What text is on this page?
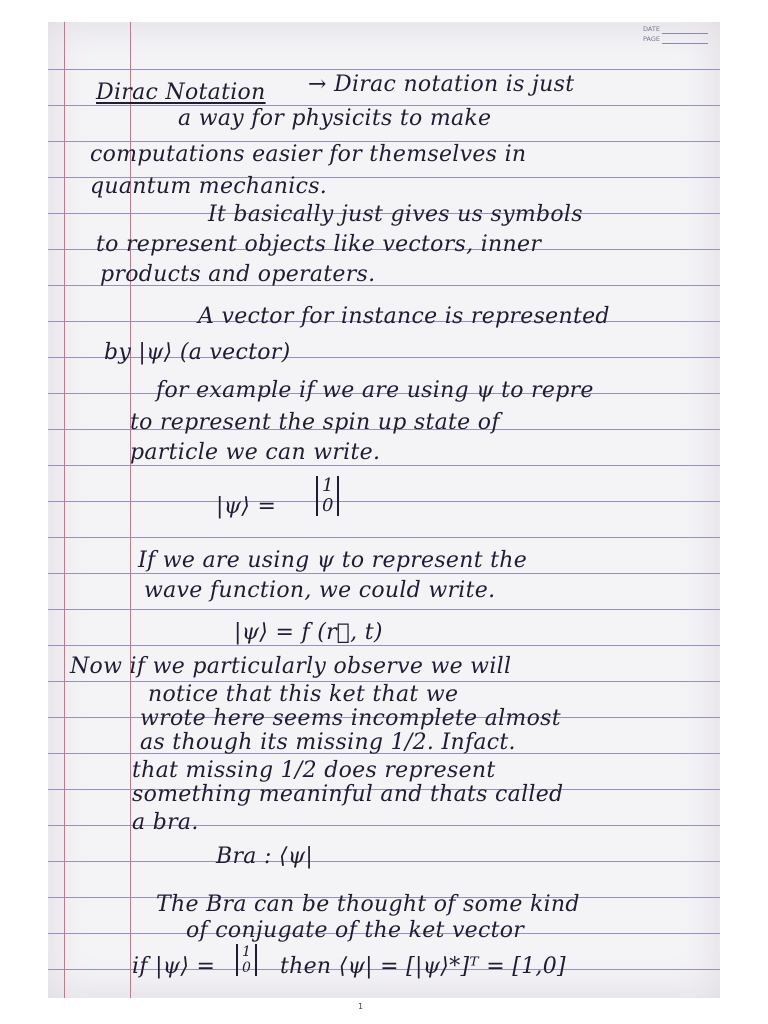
DATE
PAGE
Dirac Notation → Dirac notation is just
a way for physicits to make
computations easier for themselves in
quantum mechanics.
It basically just gives us symbols
to represent objects like vectors, inner
products and operaters.
A vector for instance is represented
by |ψ⟩ (a vector)
for example if we are using ψ to repre
to represent the spin up state of
particle we can write.
|ψ⟩ =
1
0
If we are using ψ to represent the
wave function, we could write.
|ψ⟩ = f (r⃗, t)
Now if we particularly observe we will
notice that this ket that we
wrote here seems incomplete almost
as though its missing 1/2. Infact.
that missing 1/2 does represent
something meaninful and thats called
a bra.
Bra : ⟨ψ|
The Bra can be thought of some kind
of conjugate of the ket vector
if |ψ⟩ =
1
0 then ⟨ψ| = [|ψ⟩*]ᵀ = [1,0]
1
